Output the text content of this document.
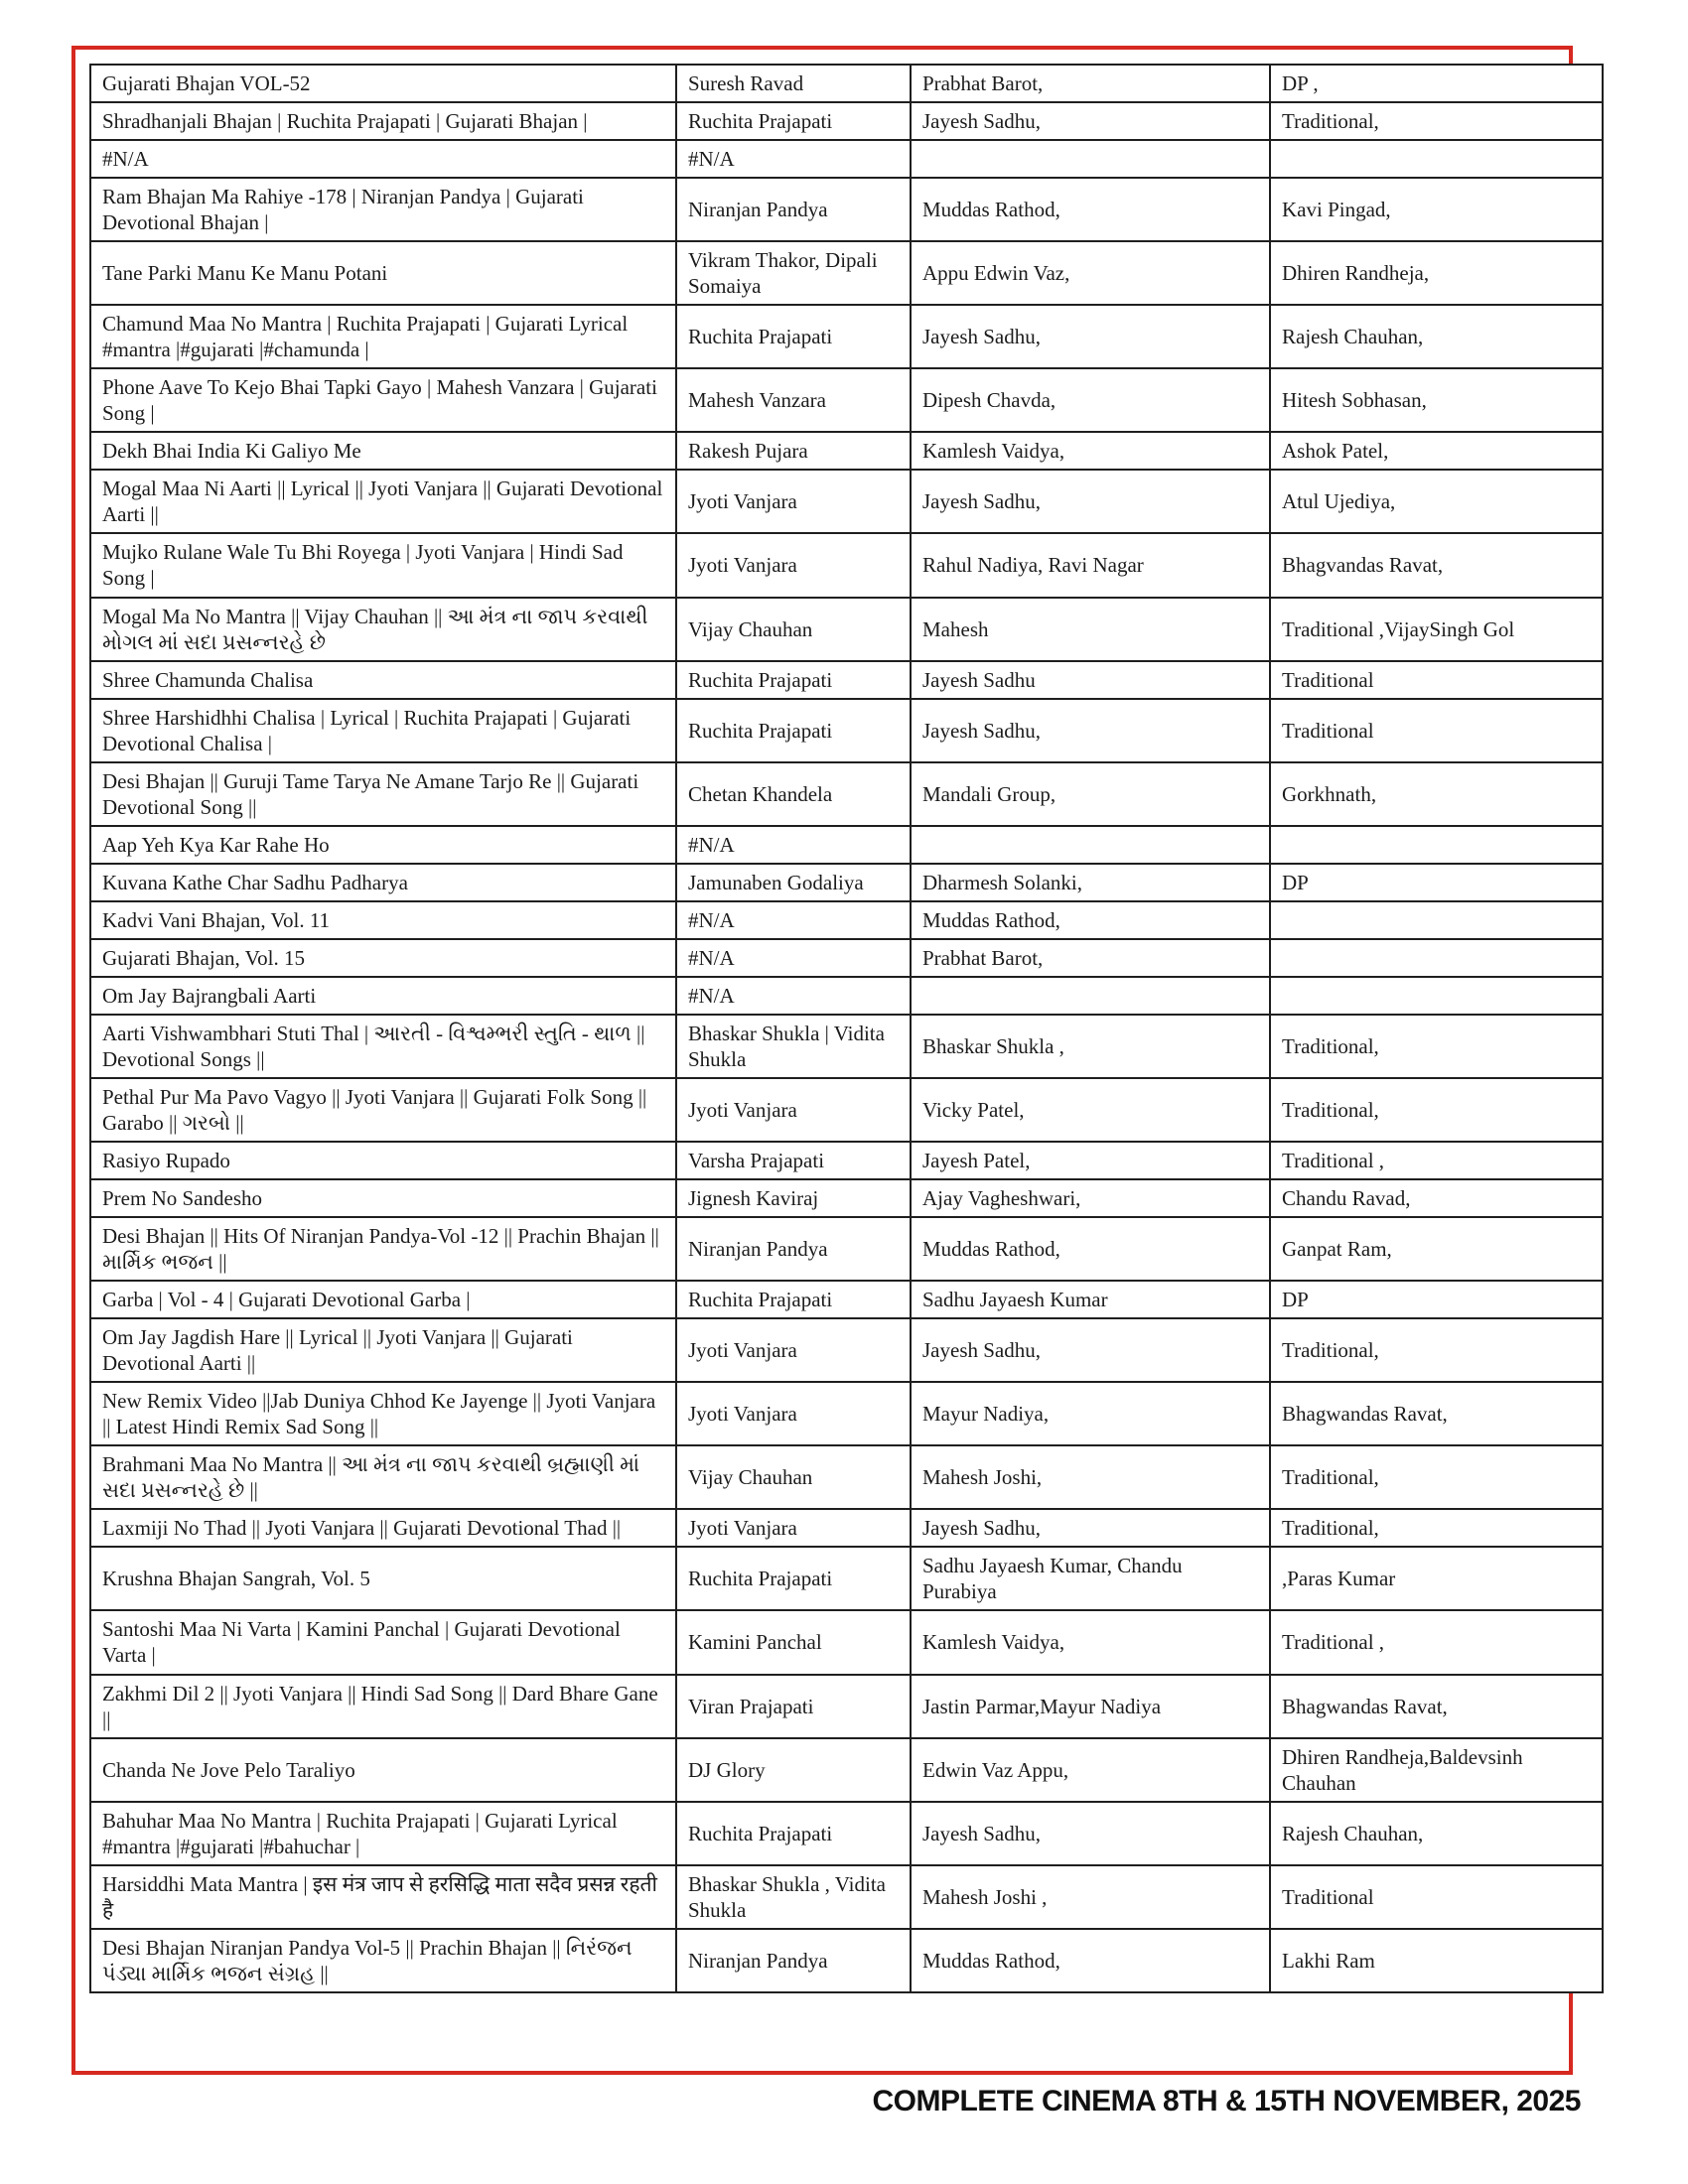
Gujarati Bhajan VOL-52	Suresh Ravad	Prabhat Barot,	DP ,
Shradhanjali Bhajan | Ruchita Prajapati | Gujarati Bhajan |	Ruchita Prajapati	Jayesh Sadhu,	Traditional,
#N/A	#N/A		
Ram Bhajan Ma Rahiye -178 | Niranjan Pandya | Gujarati Devotional Bhajan |	Niranjan Pandya	Muddas Rathod,	Kavi Pingad,
Tane Parki Manu Ke Manu Potani	Vikram Thakor, Dipali Somaiya	Appu Edwin Vaz,	Dhiren Randheja,
Chamund Maa No Mantra | Ruchita Prajapati | Gujarati Lyrical #mantra |#gujarati |#chamunda |	Ruchita Prajapati	Jayesh Sadhu,	Rajesh Chauhan,
Phone Aave To Kejo Bhai Tapki Gayo | Mahesh Vanzara | Gujarati Song |	Mahesh Vanzara	Dipesh Chavda,	Hitesh Sobhasan,
Dekh Bhai India Ki Galiyo Me	Rakesh Pujara	Kamlesh Vaidya,	Ashok Patel,
Mogal Maa Ni Aarti || Lyrical || Jyoti Vanjara || Gujarati Devotional Aarti ||	Jyoti Vanjara	Jayesh Sadhu,	Atul Ujediya,
Mujko Rulane Wale Tu Bhi Royega | Jyoti Vanjara | Hindi Sad Song |	Jyoti Vanjara	Rahul Nadiya, Ravi Nagar	Bhagvandas Ravat,
Mogal Ma No Mantra || Vijay Chauhan || આ મંત્ર ના જાપ કરવાથી મોગલ માં સદા પ્રસન્નરહે છે	Vijay Chauhan	Mahesh	Traditional ,VijaySingh Gol
Shree Chamunda Chalisa	Ruchita Prajapati	Jayesh Sadhu	Traditional
Shree Harshidhhi Chalisa | Lyrical | Ruchita Prajapati | Gujarati Devotional Chalisa |	Ruchita Prajapati	Jayesh Sadhu,	Traditional
Desi Bhajan || Guruji Tame Tarya Ne Amane Tarjo Re || Gujarati Devotional Song ||	Chetan Khandela	Mandali Group,	Gorkhnath,
Aap Yeh Kya Kar Rahe Ho	#N/A		
Kuvana Kathe Char Sadhu Padharya	Jamunaben Godaliya	Dharmesh Solanki,	DP
Kadvi Vani Bhajan, Vol. 11	#N/A	Muddas Rathod,	
Gujarati Bhajan, Vol. 15	#N/A	Prabhat Barot,	
Om Jay Bajrangbali Aarti	#N/A		
Aarti Vishwambhari Stuti Thal | આરતી - વિશ્વમ્ભરી સ્તુતિ - થાળ || Devotional Songs ||	Bhaskar Shukla | Vidita Shukla	Bhaskar Shukla ,	Traditional,
Pethal Pur Ma Pavo Vagyo || Jyoti Vanjara || Gujarati Folk Song || Garabo || ગરબો ||	Jyoti Vanjara	Vicky Patel,	Traditional,
Rasiyo Rupado	Varsha Prajapati	Jayesh Patel,	Traditional ,
Prem No Sandesho	Jignesh Kaviraj	Ajay Vagheshwari,	Chandu Ravad,
Desi Bhajan || Hits Of Niranjan Pandya-Vol -12 || Prachin Bhajan || માર્મિક ભજન ||	Niranjan Pandya	Muddas Rathod,	Ganpat Ram,
Garba | Vol - 4 | Gujarati Devotional Garba |	Ruchita Prajapati	Sadhu Jayaesh Kumar	DP
Om Jay Jagdish Hare || Lyrical || Jyoti Vanjara || Gujarati Devotional Aarti ||	Jyoti Vanjara	Jayesh Sadhu,	Traditional,
New Remix Video ||Jab Duniya Chhod Ke Jayenge || Jyoti Vanjara || Latest Hindi Remix Sad Song ||	Jyoti Vanjara	Mayur Nadiya,	Bhagwandas Ravat,
Brahmani Maa No Mantra || આ મંત્ર ના જાપ કરવાથી બ્રહ્માણી માં સદા પ્રસન્નરહે છે ||	Vijay Chauhan	Mahesh Joshi,	Traditional,
Laxmiji No Thad || Jyoti Vanjara || Gujarati Devotional Thad ||	Jyoti Vanjara	Jayesh Sadhu,	Traditional,
Krushna Bhajan Sangrah, Vol. 5	Ruchita Prajapati	Sadhu Jayaesh Kumar, Chandu Purabiya	,Paras Kumar
Santoshi Maa Ni Varta | Kamini Panchal | Gujarati Devotional Varta |	Kamini Panchal	Kamlesh Vaidya,	Traditional ,
Zakhmi Dil 2 || Jyoti Vanjara || Hindi Sad Song || Dard Bhare Gane ||	Viran Prajapati	Jastin Parmar,Mayur Nadiya	Bhagwandas Ravat,
Chanda Ne Jove Pelo Taraliyo	DJ Glory	Edwin Vaz Appu,	Dhiren Randheja,Baldevsinh Chauhan
Bahuhar Maa No Mantra | Ruchita Prajapati | Gujarati Lyrical #mantra |#gujarati |#bahuchar |	Ruchita Prajapati	Jayesh Sadhu,	Rajesh Chauhan,
Harsiddhi Mata Mantra | इस मंत्र जाप से हरसिद्धि माता सदैव प्रसन्न रहती है	Bhaskar Shukla , Vidita Shukla	Mahesh Joshi ,	Traditional
Desi Bhajan Niranjan Pandya Vol-5 || Prachin Bhajan || નિરંજન પંડ્યા માર્મિક ભજન સંગ્રહ ||	Niranjan Pandya	Muddas Rathod,	Lakhi Ram
COMPLETE CINEMA 8TH & 15TH NOVEMBER, 2025
